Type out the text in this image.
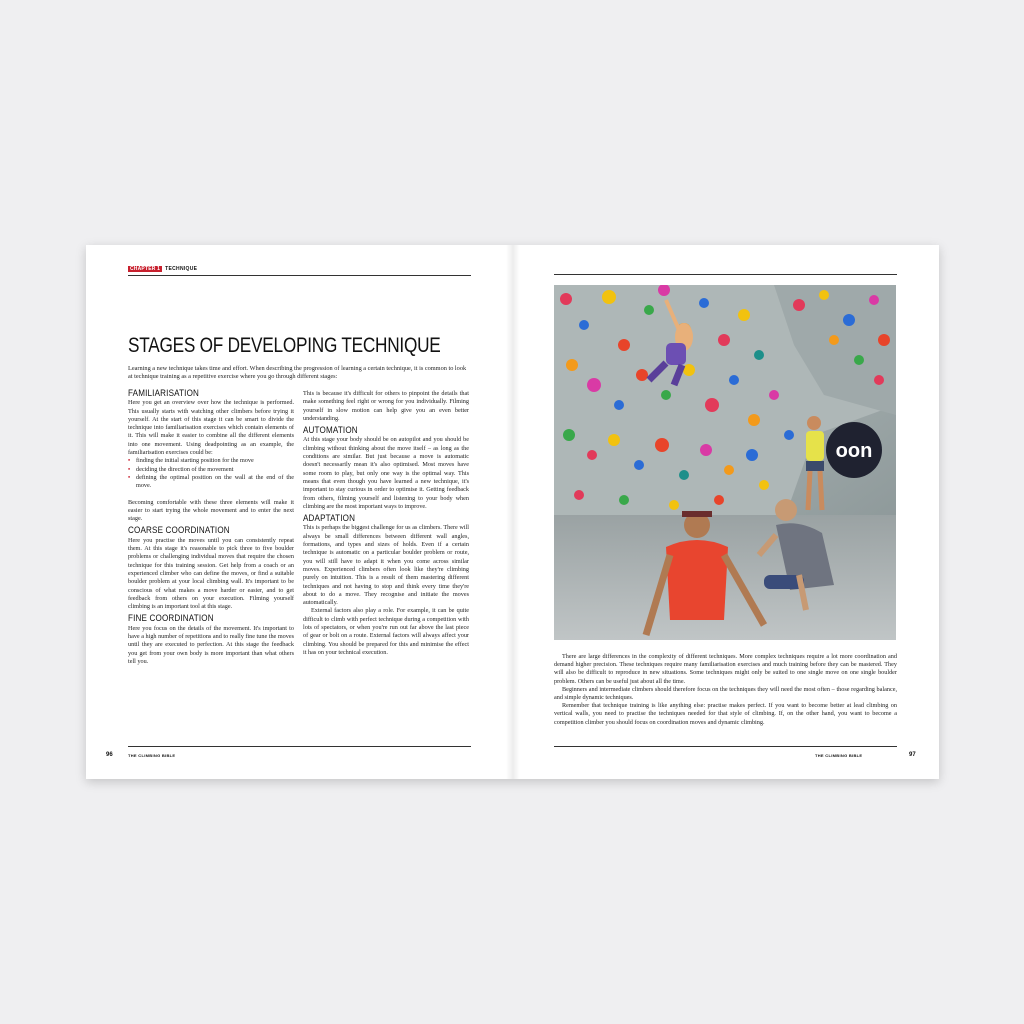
CHAPTER 1 TECHNIQUE
STAGES OF DEVELOPING TECHNIQUE
Learning a new technique takes time and effort. When describing the progression of learning a certain technique, it is common to look at technique training as a repetitive exercise where you go through different stages:
FAMILIARISATION

Here you get an overview over how the technique is performed. This usually starts with watching other climbers before trying it yourself. At the start of this stage it can be smart to divide the technique into familiarisation exercises which contain elements of it. This will make it easier to combine all the different elements into one movement. Using deadpointing as an example, the familiarisation exercises could be:

• finding the initial starting position for the move
• deciding the direction of the movement
• defining the optimal position on the wall at the end of the move.

Becoming comfortable with these three elements will make it easier to start trying the whole movement and to enter the next stage.

COARSE COORDINATION

Here you practise the moves until you can consistently repeat them. At this stage it's reasonable to pick three to five boulder problems or challenging individual moves that require the chosen technique for this training session. Get help from a coach or an experienced climber who can define the moves, or find a suitable boulder problem at your local climbing wall. It's important to be conscious of what makes a move harder or easier, and to get feedback from others on your execution. Filming yourself climbing is an important tool at this stage.

FINE COORDINATION

Here you focus on the details of the movement. It's important to have a high number of repetitions and to really fine tune the moves until they are executed to perfection. At this stage the feedback you get from your own body is more important than what others tell you.

This is because it's difficult for others to pinpoint the details that make something feel right or wrong for you individually. Filming yourself in slow motion can help give you an even better understanding.

AUTOMATION

At this stage your body should be on autopilot and you should be climbing without thinking about the move itself – as long as the conditions are similar. But just because a move is automatic doesn't necessarily mean it's also optimised. Most moves have some room to play, but only one way is the optimal way. This means that even though you have learned a new technique, it's important to stay curious in order to optimise it. Getting feedback from others, filming yourself and listening to your body when climbing are the most important ways to improve.

ADAPTATION

This is perhaps the biggest challenge for us as climbers. There will always be small differences between different wall angles, formations, and types and sizes of holds. Even if a certain technique is automatic on a particular boulder problem or route, you will still have to adapt it when you come across similar moves. Experienced climbers often look like they're climbing purely on intuition. This is a result of them mastering different techniques and not having to stop and think every time they're about to do a move. They recognise and initiate the moves automatically.

External factors also play a role. For example, it can be quite difficult to climb with perfect technique during a competition with lots of spectators, or when you're run out far above the last piece of gear or bolt on a route. External factors will always affect your climbing. You should be prepared for this and minimise the effect it has on your technical execution.

96	THE CLIMBING BIBLE
oon

There are large differences in the complexity of different techniques. More complex techniques require a lot more coordination and demand higher precision. These techniques require many familiarisation exercises and much training before they can be mastered. They will also be difficult to reproduce in new situations. Some techniques might only be suited to one single move on one single boulder problem. Others can be useful just about all the time.

Beginners and intermediate climbers should therefore focus on the techniques they will need the most often – those regarding balance, and simple dynamic techniques.

Remember that technique training is like anything else: practise makes perfect. If you want to become better at lead climbing on vertical walls, you need to practise the techniques needed for that style of climbing. If, on the other hand, you want to become a competition climber you should focus on coordination moves and dynamic climbing.

THE CLIMBING BIBLE	97
